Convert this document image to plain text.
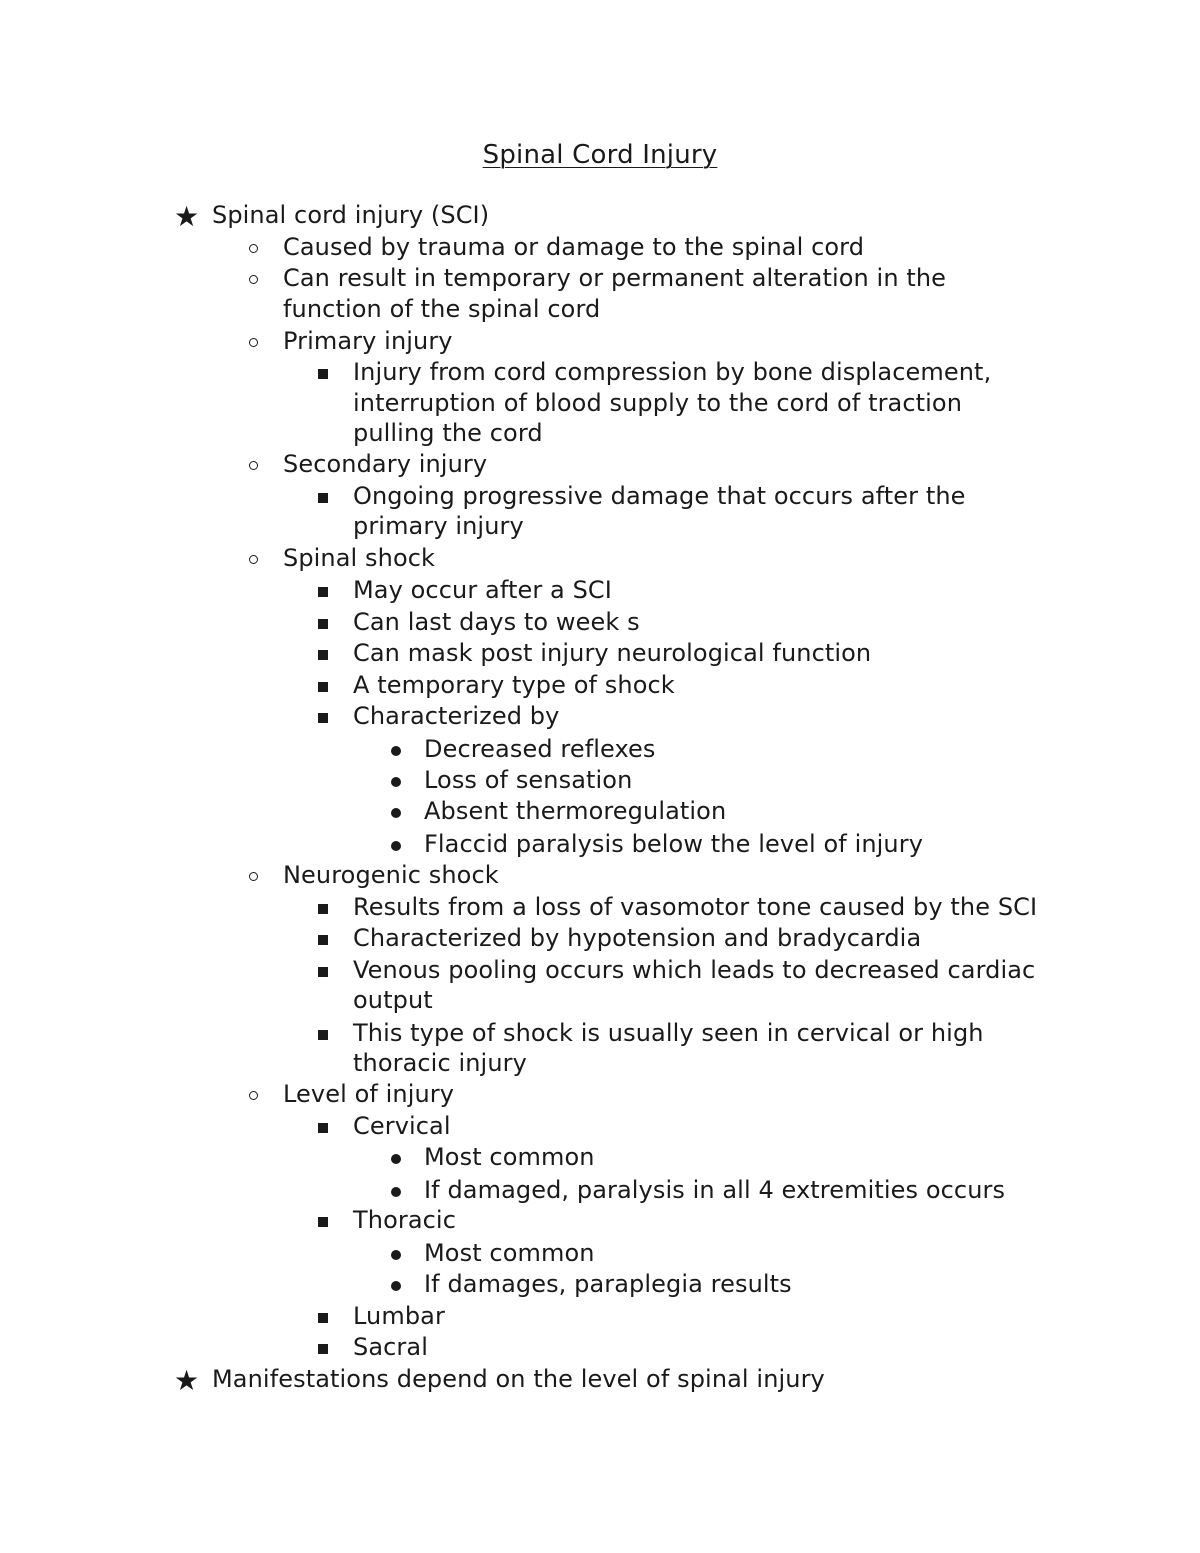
Spinal Cord Injury
★ Spinal cord injury (SCI)
Caused by trauma or damage to the spinal cord
Can result in temporary or permanent alteration in the
function of the spinal cord
Primary injury
Injury from cord compression by bone displacement,
interruption of blood supply to the cord of traction
pulling the cord
Secondary injury
Ongoing progressive damage that occurs after the
primary injury
Spinal shock
May occur after a SCI
Can last days to week s
Can mask post injury neurological function
A temporary type of shock
Characterized by
Decreased reflexes
Loss of sensation
Absent thermoregulation
Flaccid paralysis below the level of injury
Neurogenic shock
Results from a loss of vasomotor tone caused by the SCI
Characterized by hypotension and bradycardia
Venous pooling occurs which leads to decreased cardiac
output
This type of shock is usually seen in cervical or high
thoracic injury
Level of injury
Cervical
Most common
If damaged, paralysis in all 4 extremities occurs
Thoracic
Most common
If damages, paraplegia results
Lumbar
Sacral
★ Manifestations depend on the level of spinal injury
